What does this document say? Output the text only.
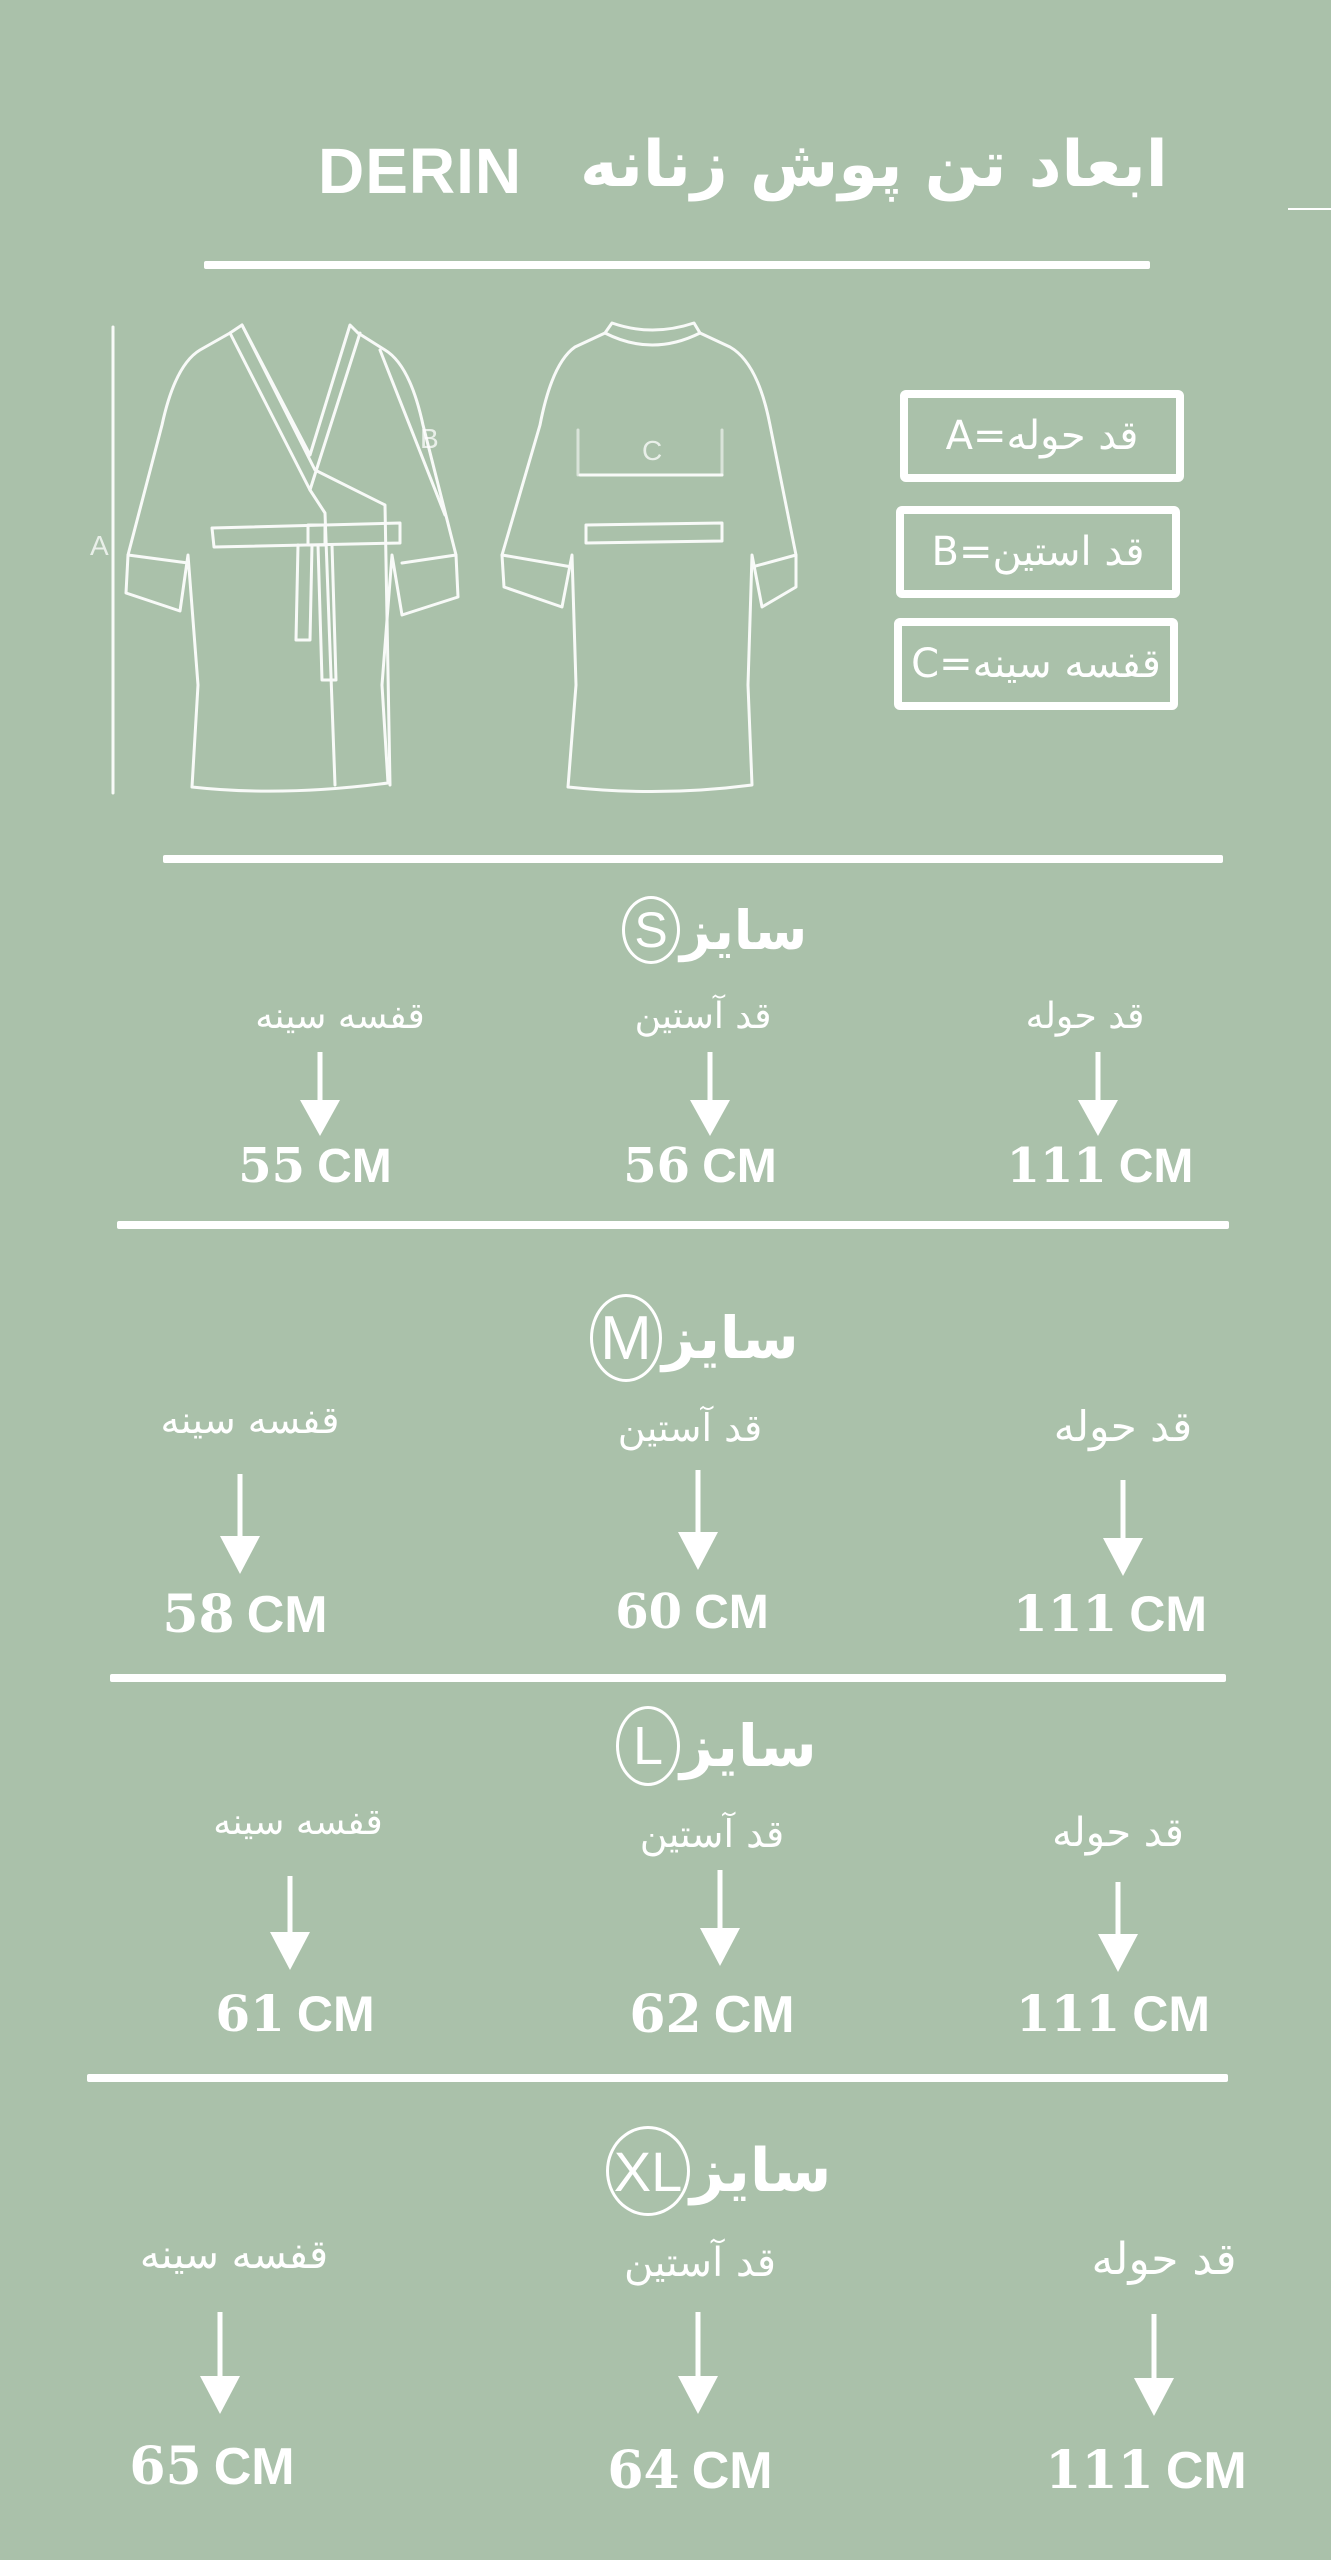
ابعاد تن پوش زنانه
DERIN
A
B	C	قد حوله=A
قد استین=B
قفسه سینه=C
S سایز
قفسه سینه	قد آستین	قد حوله
55 CM	56 CM	111 CM
M سایز
قفسه سینه	قد آستین	قد حوله
58 CM	60 CM	111 CM
L سایز
قفسه سینه	قد آستین	قد حوله
61 CM	62 CM	111 CM
XL سایز
قفسه سینه	قد آستین	قد حوله
65 CM	64 CM	111 CM
